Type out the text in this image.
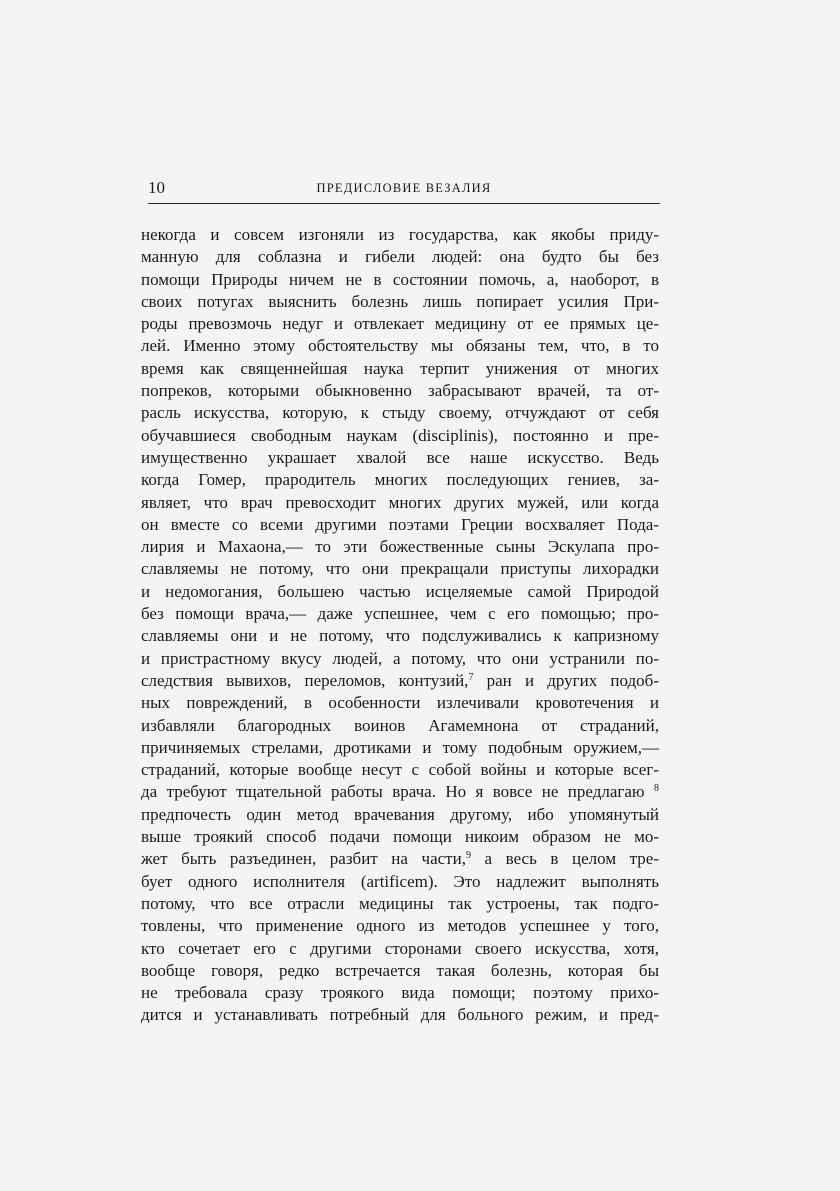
10	ПРЕДИСЛОВИЕ ВЕЗАЛИЯ
некогда и совсем изгоняли из государства, как якобы приду-
манную для соблазна и гибели людей: она будто бы без
помощи Природы ничем не в состоянии помочь, а, наоборот, в
своих потугах выяснить болезнь лишь попирает усилия При-
роды превозмочь недуг и отвлекает медицину от ее прямых це-
лей. Именно этому обстоятельству мы обязаны тем, что, в то
время как священнейшая наука терпит унижения от многих
попреков, которыми обыкновенно забрасывают врачей, та от-
расль искусства, которую, к стыду своему, отчуждают от себя
обучавшиеся свободным наукам (disciplinis), постоянно и пре-
имущественно украшает хвалой все наше искусство. Ведь
когда Гомер, прародитель многих последующих гениев, за-
являет, что врач превосходит многих других мужей, или когда
он вместе со всеми другими поэтами Греции восхваляет Пода-
лирия и Махаона,— то эти божественные сыны Эскулапа про-
славляемы не потому, что они прекращали приступы лихорадки
и недомогания, большею частью исцеляемые самой Природой
без помощи врача,— даже успешнее, чем с его помощью; про-
славляемы они и не потому, что подслуживались к капризному
и пристрастному вкусу людей, а потому, что они устранили по-
следствия вывихов, переломов, контузий,$^7$ ран и других подоб-
ных повреждений, в особенности излечивали кровотечения и
избавляли благородных воинов Агамемнона от страданий,
причиняемых стрелами, дротиками и тому подобным оружием,—
страданий, которые вообще несут с собой войны и которые всег-
да требуют тщательной работы врача. Но я вовсе не предлагаю $^8$
предпочесть один метод врачевания другому, ибо упомянутый
выше троякий способ подачи помощи никоим образом не мо-
жет быть разъединен, разбит на части,$^9$ а весь в целом тре-
бует одного исполнителя (artificem). Это надлежит выполнять
потому, что все отрасли медицины так устроены, так подго-
товлены, что применение одного из методов успешнее у того,
кто сочетает его с другими сторонами своего искусства, хотя,
вообще говоря, редко встречается такая болезнь, которая бы
не требовала сразу троякого вида помощи; поэтому прихо-
дится и устанавливать потребный для больного режим, и пред-
